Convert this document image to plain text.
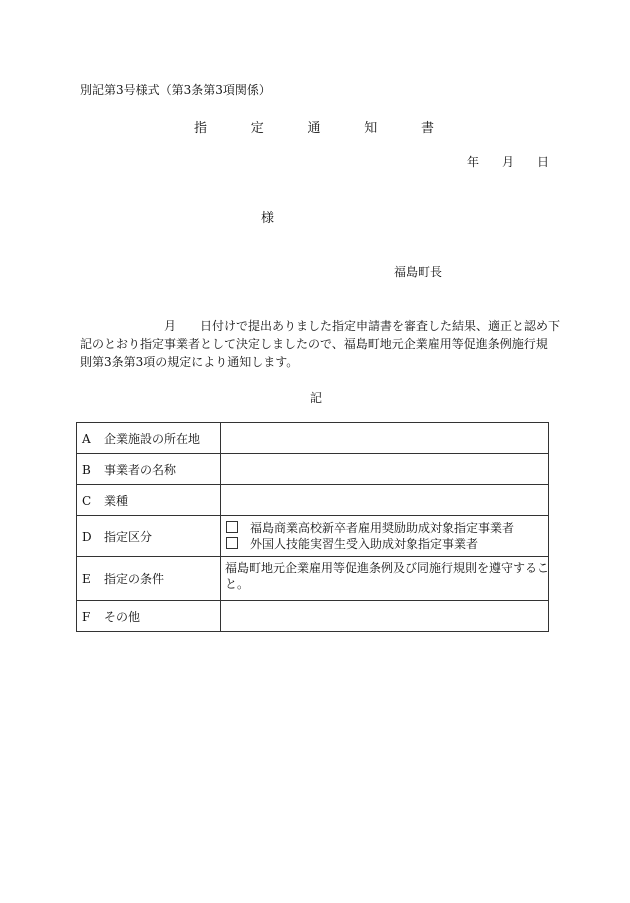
別記第3号様式（第3条第3項関係）
指	定	通	知	書
年 月 日
様
福島町長
　　　　　　　月　　日付けで提出ありました指定申請書を審査した結果、適正と認め下
記のとおり指定事業者として決定しましたので、福島町地元企業雇用等促進条例施行規
則第3条第3項の規定により通知します。
記
A 企業施設の所在地	
B 事業者の名称	
C 業種	
D 指定区分	福島商業高校新卒者雇用奨励助成対象指定事業者
外国人技能実習生受入助成対象指定事業者

E 指定の条件	福島町地元企業雇用等促進条例及び同施行規則を遵守するこ
と。

F その他	
